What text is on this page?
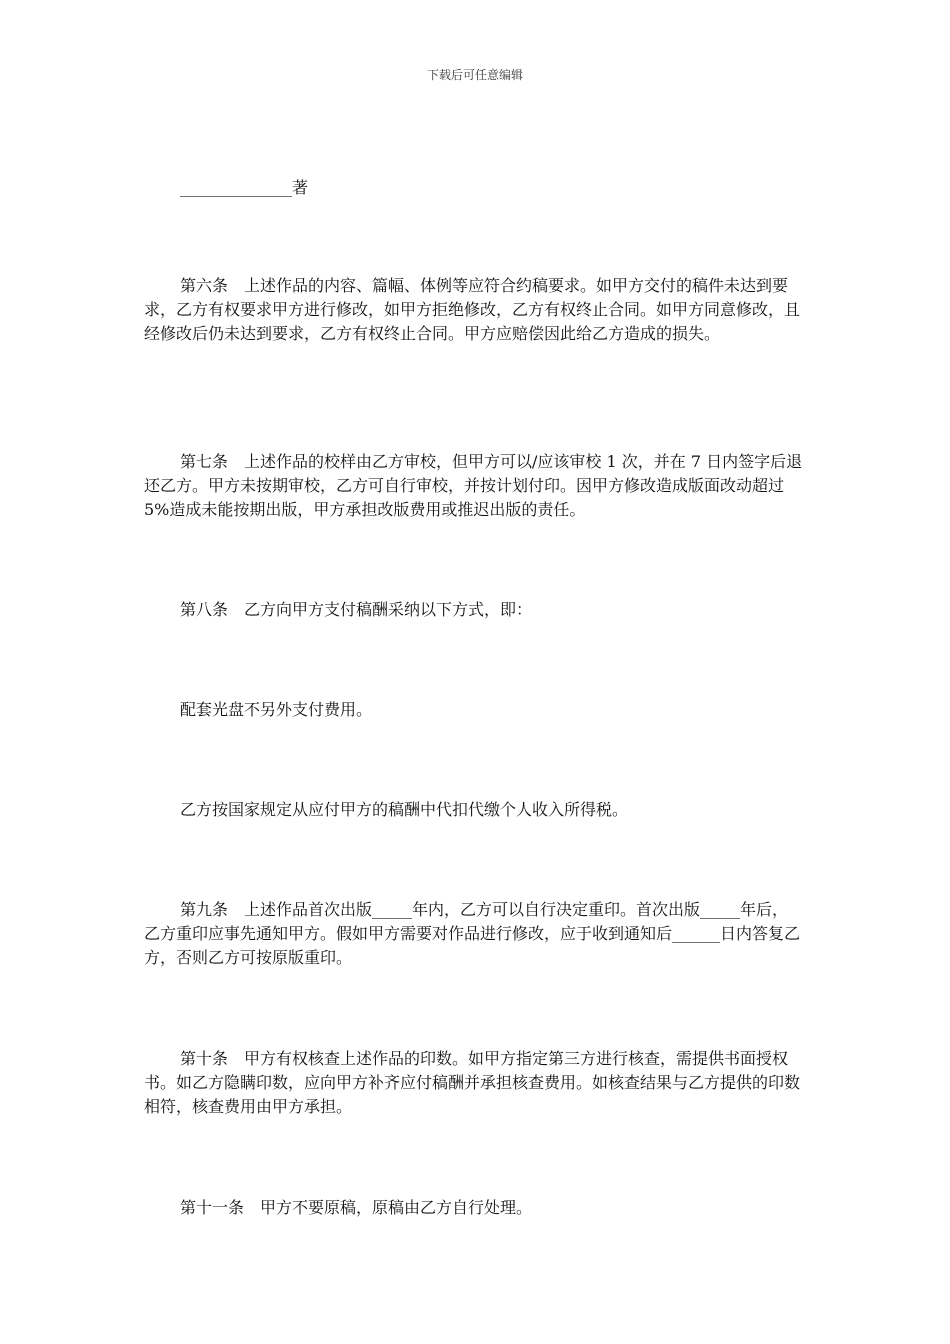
下载后可任意编辑

______________著

第六条 上述作品的内容、篇幅、体例等应符合约稿要求。如甲方交付的稿件未达到要求，乙方有权要求甲方进行修改，如甲方拒绝修改，乙方有权终止合同。如甲方同意修改，且经修改后仍未达到要求，乙方有权终止合同。甲方应赔偿因此给乙方造成的损失。

第七条 上述作品的校样由乙方审校，但甲方可以/应该审校 1 次，并在 7 日内签字后退还乙方。甲方未按期审校，乙方可自行审校，并按计划付印。因甲方修改造成版面改动超过 5%造成未能按期出版，甲方承担改版费用或推迟出版的责任。

第八条 乙方向甲方支付稿酬采纳以下方式，即：

配套光盘不另外支付费用。

乙方按国家规定从应付甲方的稿酬中代扣代缴个人收入所得税。

第九条 上述作品首次出版_____年内，乙方可以自行决定重印。首次出版_____年后，乙方重印应事先通知甲方。假如甲方需要对作品进行修改，应于收到通知后______日内答复乙方，否则乙方可按原版重印。

第十条 甲方有权核查上述作品的印数。如甲方指定第三方进行核查，需提供书面授权书。如乙方隐瞒印数，应向甲方补齐应付稿酬并承担核查费用。如核查结果与乙方提供的印数相符，核查费用由甲方承担。

第十一条 甲方不要原稿，原稿由乙方自行处理。
